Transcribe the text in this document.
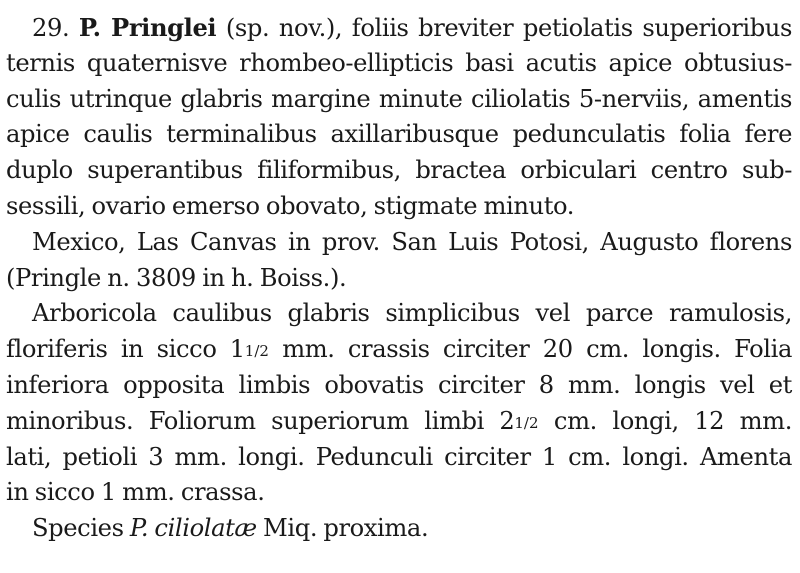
29. P. Pringlei (sp. nov.), foliis breviter petiolatis superioribus
ternis quaternisve rhombeo-ellipticis basi acutis apice obtusius-
culis utrinque glabris margine minute ciliolatis 5-nerviis, amentis
apice caulis terminalibus axillaribusque pedunculatis folia fere
duplo superantibus filiformibus, bractea orbiculari centro sub-
sessili, ovario emerso obovato, stigmate minuto.
Mexico, Las Canvas in prov. San Luis Potosi, Augusto florens
(Pringle n. 3809 in h. Boiss.).
Arboricola caulibus glabris simplicibus vel parce ramulosis,
floriferis in sicco 11/2 mm. crassis circiter 20 cm. longis. Folia
inferiora opposita limbis obovatis circiter 8 mm. longis vel et
minoribus. Foliorum superiorum limbi 21/2 cm. longi, 12 mm.
lati, petioli 3 mm. longi. Pedunculi circiter 1 cm. longi. Amenta
in sicco 1 mm. crassa.
Species P. ciliolatæ Miq. proxima.
